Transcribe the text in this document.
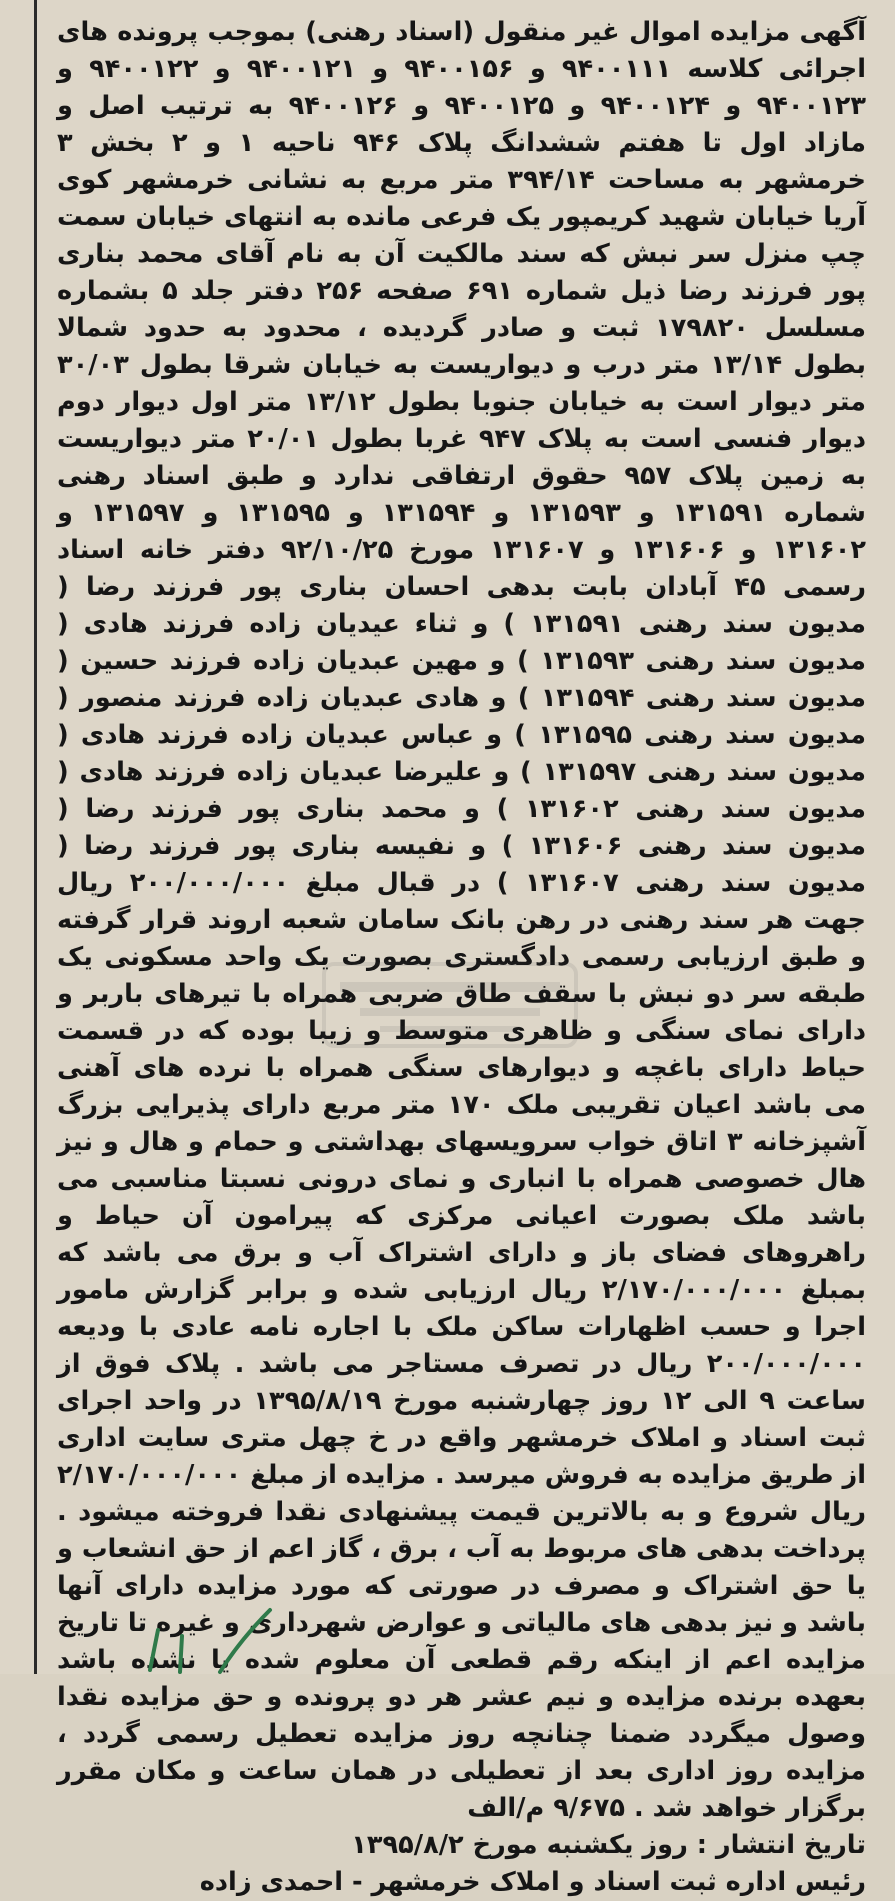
آگهی مزایده اموال غیر منقول (اسناد رهنی) بموجب پرونده های اجرائی کلاسه ۹۴۰۰۱۱۱ و ۹۴۰۰۱۵۶ و ۹۴۰۰۱۲۱ و ۹۴۰۰۱۲۲ و ۹۴۰۰۱۲۳ و ۹۴۰۰۱۲۴ و ۹۴۰۰۱۲۵ و ۹۴۰۰۱۲۶ به ترتیب اصل و مازاد اول تا هفتم ششدانگ پلاک ۹۴۶ ناحیه ۱ و ۲ بخش ۳ خرمشهر به مساحت ۳۹۴/۱۴ متر مربع به نشانی خرمشهر کوی آریا خیابان شهید کریمپور یک فرعی مانده به انتهای خیابان سمت چپ منزل سر نبش که سند مالکیت آن به نام آقای محمد بناری پور فرزند رضا ذیل شماره ۶۹۱ صفحه ۲۵۶ دفتر جلد ۵ بشماره مسلسل ۱۷۹۸۲۰ ثبت و صادر گردیده ، محدود به حدود شمالا بطول ۱۳/۱۴ متر درب و دیواریست به خیابان شرقا بطول ۳۰/۰۳ متر دیوار است به خیابان جنوبا بطول ۱۳/۱۲ متر اول دیوار دوم دیوار فنسی است به پلاک ۹۴۷ غربا بطول ۲۰/۰۱ متر دیواریست به زمین پلاک ۹۵۷ حقوق ارتفاقی ندارد و طبق اسناد رهنی شماره ۱۳۱۵۹۱ و ۱۳۱۵۹۳ و ۱۳۱۵۹۴ و ۱۳۱۵۹۵ و ۱۳۱۵۹۷ و ۱۳۱۶۰۲ و ۱۳۱۶۰۶ و ۱۳۱۶۰۷ مورخ ۹۲/۱۰/۲۵ دفتر خانه اسناد رسمی ۴۵ آبادان بابت بدهی احسان بناری پور فرزند رضا ( مدیون سند رهنی ۱۳۱۵۹۱ ) و ثناء عیدیان زاده فرزند هادی ( مدیون سند رهنی ۱۳۱۵۹۳ ) و مهین عبدیان زاده فرزند حسین ( مدیون سند رهنی ۱۳۱۵۹۴ ) و هادی عبدیان زاده فرزند منصور ( مدیون سند رهنی ۱۳۱۵۹۵ ) و عباس عبدیان زاده فرزند هادی ( مدیون سند رهنی ۱۳۱۵۹۷ ) و علیرضا عبدیان زاده فرزند هادی ( مدیون سند رهنی ۱۳۱۶۰۲ ) و محمد بناری پور فرزند رضا ( مدیون سند رهنی ۱۳۱۶۰۶ ) و نفیسه بناری پور فرزند رضا ( مدیون سند رهنی ۱۳۱۶۰۷ ) در قبال مبلغ ۲۰۰/۰۰۰/۰۰۰ ریال جهت هر سند رهنی در رهن بانک سامان شعبه اروند قرار گرفته و طبق ارزیابی رسمی دادگستری بصورت یک واحد مسکونی یک طبقه سر دو نبش با سقف طاق ضربی همراه با تیرهای باربر و دارای نمای سنگی و ظاهری متوسط و زیبا بوده که در قسمت حیاط دارای باغچه و دیوارهای سنگی همراه با نرده های آهنی می باشد اعیان تقریبی ملک ۱۷۰ متر مربع دارای پذیرایی بزرگ آشپزخانه ۳ اتاق خواب سرویسهای بهداشتی و حمام و هال و نیز هال خصوصی همراه با انباری و نمای درونی نسبتا مناسبی می باشد ملک بصورت اعیانی مرکزی که پیرامون آن حیاط و راهروهای فضای باز و دارای اشتراک آب و برق می باشد که بمبلغ ۲/۱۷۰/۰۰۰/۰۰۰ ریال ارزیابی شده و برابر گزارش مامور اجرا و حسب اظهارات ساکن ملک با اجاره نامه عادی با ودیعه ۲۰۰/۰۰۰/۰۰۰ ریال در تصرف مستاجر می باشد . پلاک فوق از ساعت ۹ الی ۱۲ روز چهارشنبه مورخ ۱۳۹۵/۸/۱۹ در واحد اجرای ثبت اسناد و املاک خرمشهر واقع در خ چهل متری سایت اداری از طریق مزایده به فروش میرسد . مزایده از مبلغ ۲/۱۷۰/۰۰۰/۰۰۰ ریال شروع و به بالاترین قیمت پیشنهادی نقدا فروخته میشود . پرداخت بدهی های مربوط به آب ، برق ، گاز اعم از حق انشعاب و یا حق اشتراک و مصرف در صورتی که مورد مزایده دارای آنها باشد و نیز بدهی های مالیاتی و عوارض شهرداری و غیره تا تاریخ مزایده اعم از اینکه رقم قطعی آن معلوم شده یا نشده باشد بعهده برنده مزایده و نیم عشر هر دو پرونده و حق مزایده نقدا وصول میگردد ضمنا چنانچه روز مزایده تعطیل رسمی گردد ، مزایده روز اداری بعد از تعطیلی در همان ساعت و مکان مقرر برگزار خواهد شد . ۹/۶۷۵ م/الف

تاریخ انتشار : روز یکشنبه مورخ ۱۳۹۵/۸/۲

رئیس اداره ثبت اسناد و املاک خرمشهر - احمدی زاده
